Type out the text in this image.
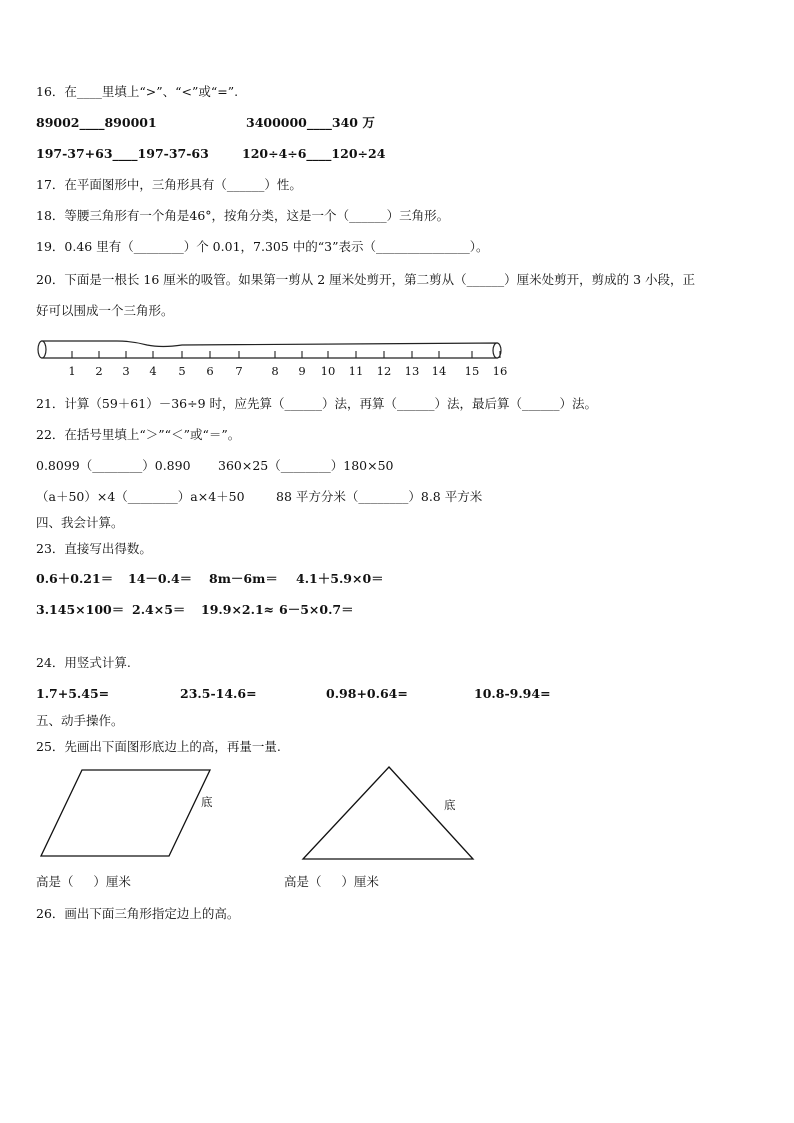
16．在____里填上“>”、“<”或“=”.
89002____890001	3400000____340 万
197-37+63____197-37-63	120÷4÷6____120÷24
17．在平面图形中，三角形具有（______）性。
18．等腰三角形有一个角是46°，按角分类，这是一个（______）三角形。
19．0.46 里有（________）个 0.01，7.305 中的“3”表示（_______________）。
20．下面是一根长 16 厘米的吸管。如果第一剪从 2 厘米处剪开，第二剪从（______）厘米处剪开，剪成的 3 小段，正
好可以围成一个三角形。
1 2 3 4 5 6 7 8 9 10 11 12 13 14 15 16
21．计算（59＋61）－36÷9 时，应先算（______）法，再算（______）法，最后算（______）法。
22．在括号里填上“＞”“＜”或“＝”。
0.8099（________）0.890 360×25（________）180×50
（a＋50）×4（________）a×4＋50	88 平方分米（________）8.8 平方米
四、我会计算。
23．直接写出得数。
0.6＋0.21＝ 14－0.4＝ 8m－6m＝ 4.1＋5.9×0＝
3.145×100＝ 2.4×5＝ 19.9×2.1≈ 6－5×0.7＝
24．用竖式计算.
1.7+5.45=	23.5-14.6=	0.98+0.64=	10.8-9.94=
五、动手操作。
25．先画出下面图形底边上的高，再量一量.
底	底
高是（     ）厘米	高是（     ）厘米
26．画出下面三角形指定边上的高。
